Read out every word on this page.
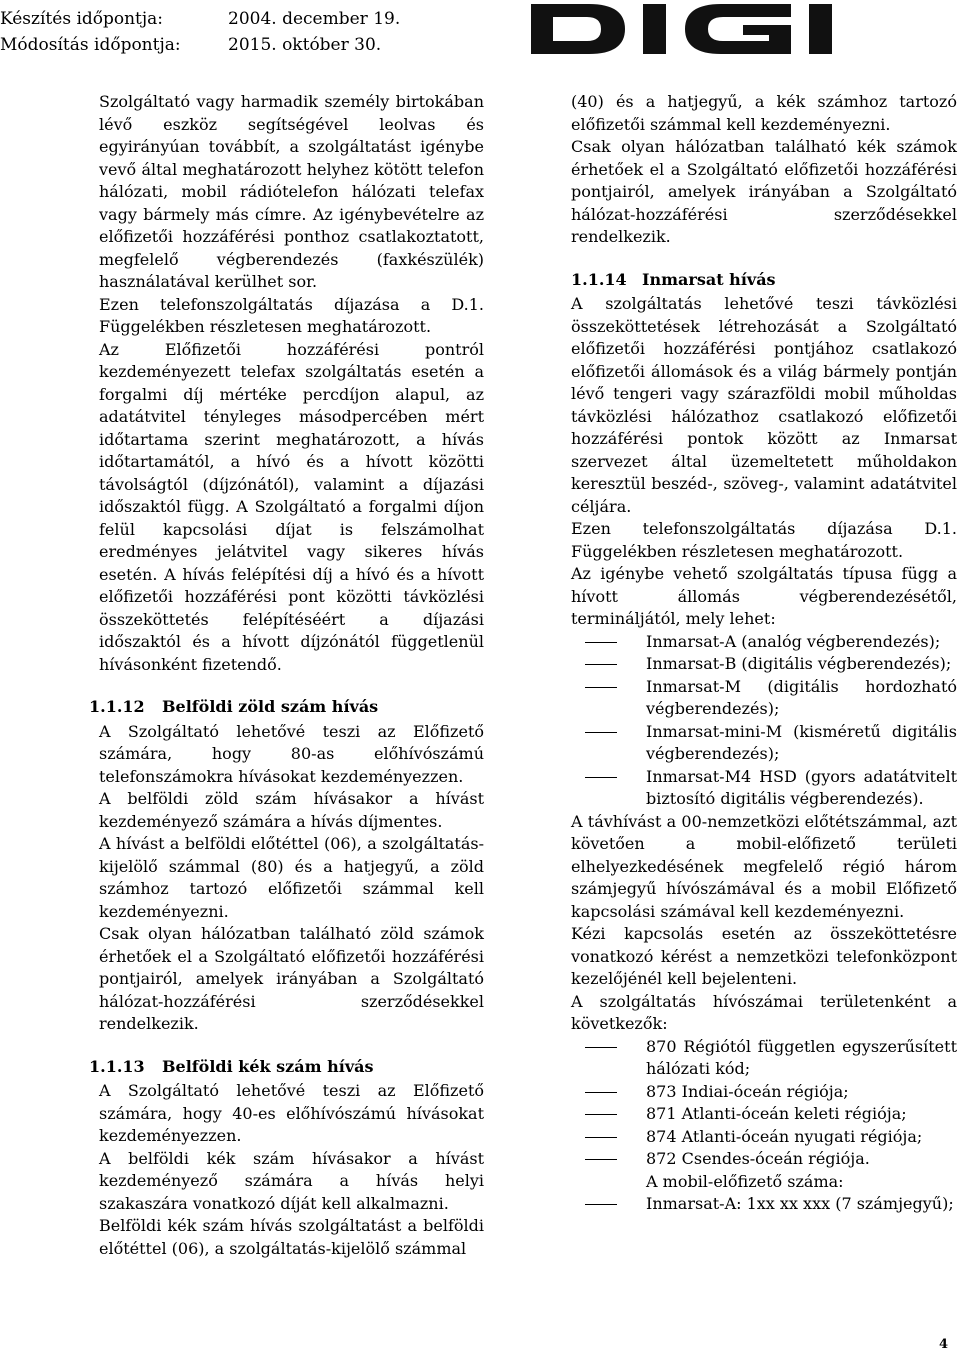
Készítés időpontja:	2004. december 19.
Módosítás időpontja:	2015. október 30.
Szolgáltató vagy harmadik személy birtokában lévő eszköz segítségével leolvas és egyirányúan továbbít, a szolgáltatást igénybe vevő által meghatározott helyhez kötött telefon hálózati, mobil rádiótelefon hálózati telefax vagy bármely más címre. Az igénybevételre az előfizetői hozzáférési ponthoz csatlakoztatott, megfelelő végberendezés (faxkészülék) használatával kerülhet sor.
Ezen telefonszolgáltatás díjazása a D.1. Függelékben részletesen meghatározott.
Az Előfizetői hozzáférési pontról kezdeményezett telefax szolgáltatás esetén a forgalmi díj mértéke percdíjon alapul, az adatátvitel tényleges másodpercében mért időtartama szerint meghatározott, a hívás időtartamától, a hívó és a hívott közötti távolságtól (díjzónától), valamint a díjazási időszaktól függ. A Szolgáltató a forgalmi díjon felül kapcsolási díjat is felszámolhat eredményes jelátvitel vagy sikeres hívás esetén. A hívás felépítési díj a hívó és a hívott előfizetői hozzáférési pont közötti távközlési összeköttetés felépítéséért a díjazási időszaktól és a hívott díjzónától függetlenül hívásonként fizetendő.
1.1.12	Belföldi zöld szám hívás
A Szolgáltató lehetővé teszi az Előfizető számára, hogy 80-as előhívószámú telefonszámokra hívásokat kezdeményezzen.
A belföldi zöld szám hívásakor a hívást kezdeményező számára a hívás díjmentes.
A hívást a belföldi előtéttel (06), a szolgáltatás-kijelölő számmal (80) és a hatjegyű, a zöld számhoz tartozó előfizetői számmal kell kezdeményezni.
Csak olyan hálózatban található zöld számok érhetőek el a Szolgáltató előfizetői hozzáférési pontjairól, amelyek irányában a Szolgáltató hálózat-hozzáférési szerződésekkel rendelkezik.
1.1.13	Belföldi kék szám hívás
A Szolgáltató lehetővé teszi az Előfizető számára, hogy 40-es előhívószámú hívásokat kezdeményezzen.
A belföldi kék szám hívásakor a hívást kezdeményező számára a hívás helyi szakaszára vonatkozó díját kell alkalmazni.
Belföldi kék szám hívás szolgáltatást a belföldi előtéttel (06), a szolgáltatás-kijelölő számmal
(40) és a hatjegyű, a kék számhoz tartozó előfizetői számmal kell kezdeményezni.
Csak olyan hálózatban található kék számok érhetőek el a Szolgáltató előfizetői hozzáférési pontjairól, amelyek irányában a Szolgáltató hálózat-hozzáférési szerződésekkel rendelkezik.
1.1.14 Inmarsat hívás
A szolgáltatás lehetővé teszi távközlési összeköttetések létrehozását a Szolgáltató előfizetői hozzáférési pontjához csatlakozó előfizetői állomások és a világ bármely pontján lévő tengeri vagy szárazföldi mobil műholdas távközlési hálózathoz csatlakozó előfizetői hozzáférési pontok között az Inmarsat szervezet által üzemeltetett műholdakon keresztül beszéd-, szöveg-, valamint adatátvitel céljára.
Ezen telefonszolgáltatás díjazása D.1. Függelékben részletesen meghatározott.
Az igénybe vehető szolgáltatás típusa függ a hívott állomás végberendezésétől, termináljától, mely lehet:
Inmarsat-A (analóg végberendezés);
Inmarsat-B (digitális végberendezés);
Inmarsat-M (digitális hordozható végberendezés);
Inmarsat-mini-M (kisméretű digitális végberendezés);
Inmarsat-M4 HSD (gyors adatátvitelt biztosító digitális végberendezés).
A távhívást a 00-nemzetközi előtétszámmal, azt követően a mobil-előfizető területi elhelyezkedésének megfelelő régió három számjegyű hívószámával és a mobil Előfizető kapcsolási számával kell kezdeményezni.
Kézi kapcsolás esetén az összeköttetésre vonatkozó kérést a nemzetközi telefonközpont kezelőjénél kell bejelenteni.
A szolgáltatás hívószámai területenként a következők:
870 Régiótól független egyszerűsített hálózati kód;
873 Indiai-óceán régiója;
871 Atlanti-óceán keleti régiója;
874 Atlanti-óceán nyugati régiója;
872 Csendes-óceán régiója.
A mobil-előfizető száma:
Inmarsat-A: 1xx xx xxx (7 számjegyű);
4
